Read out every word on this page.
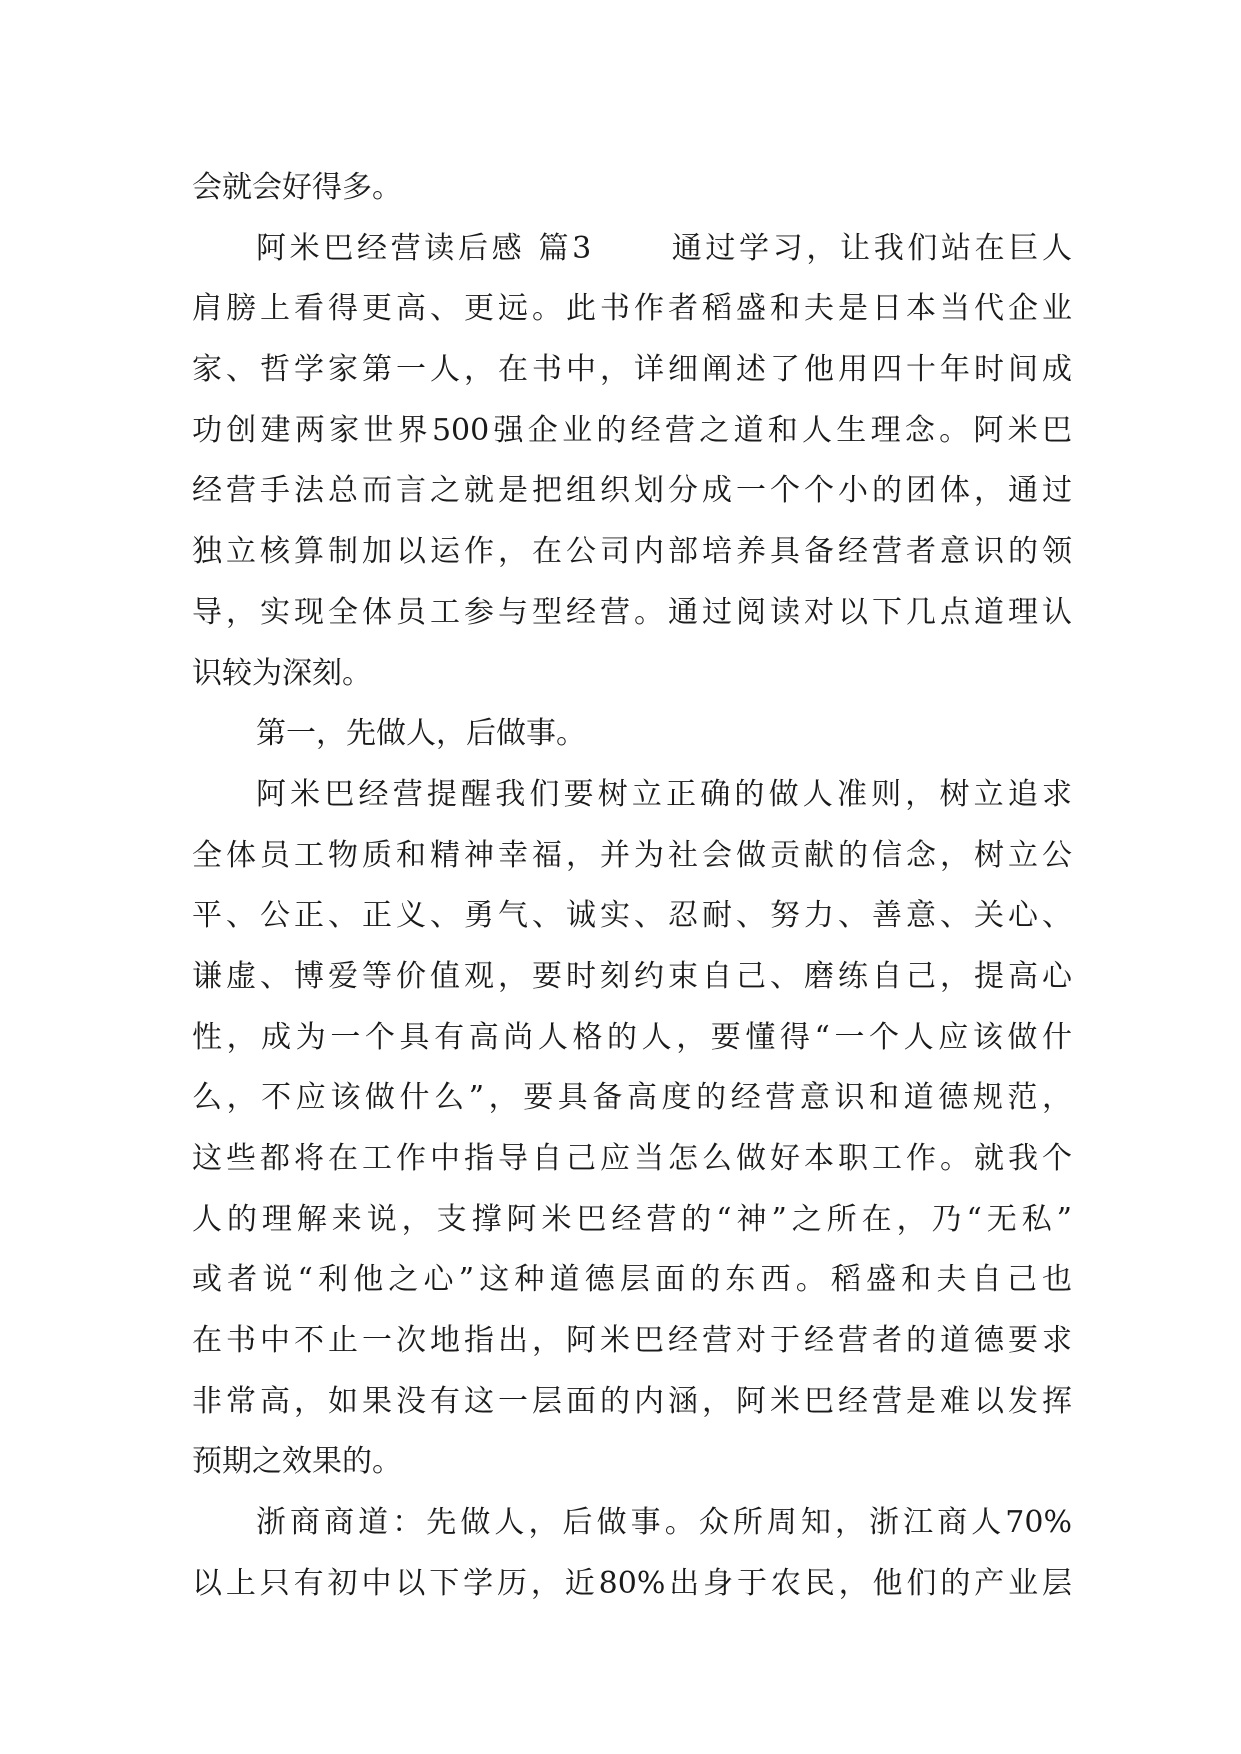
会就会好得多。
阿米巴经营读后感 篇3 　　通过学习，让我们站在巨人
肩膀上看得更高、更远。此书作者稻盛和夫是日本当代企业
家、哲学家第一人，在书中，详细阐述了他用四十年时间成
功创建两家世界500强企业的经营之道和人生理念。阿米巴
经营手法总而言之就是把组织划分成一个个小的团体，通过
独立核算制加以运作，在公司内部培养具备经营者意识的领
导，实现全体员工参与型经营。通过阅读对以下几点道理认
识较为深刻。
第一，先做人，后做事。
阿米巴经营提醒我们要树立正确的做人准则，树立追求
全体员工物质和精神幸福，并为社会做贡献的信念，树立公
平、公正、正义、勇气、诚实、忍耐、努力、善意、关心、
谦虚、博爱等价值观，要时刻约束自己、磨练自己，提高心
性，成为一个具有高尚人格的人，要懂得“一个人应该做什
么，不应该做什么”，要具备高度的经营意识和道德规范，
这些都将在工作中指导自己应当怎么做好本职工作。就我个
人的理解来说，支撑阿米巴经营的“神”之所在，乃“无私”
或者说“利他之心”这种道德层面的东西。稻盛和夫自己也
在书中不止一次地指出，阿米巴经营对于经营者的道德要求
非常高，如果没有这一层面的内涵，阿米巴经营是难以发挥
预期之效果的。
浙商商道：先做人，后做事。众所周知，浙江商人70%
以上只有初中以下学历，近80%出身于农民，他们的产业层
